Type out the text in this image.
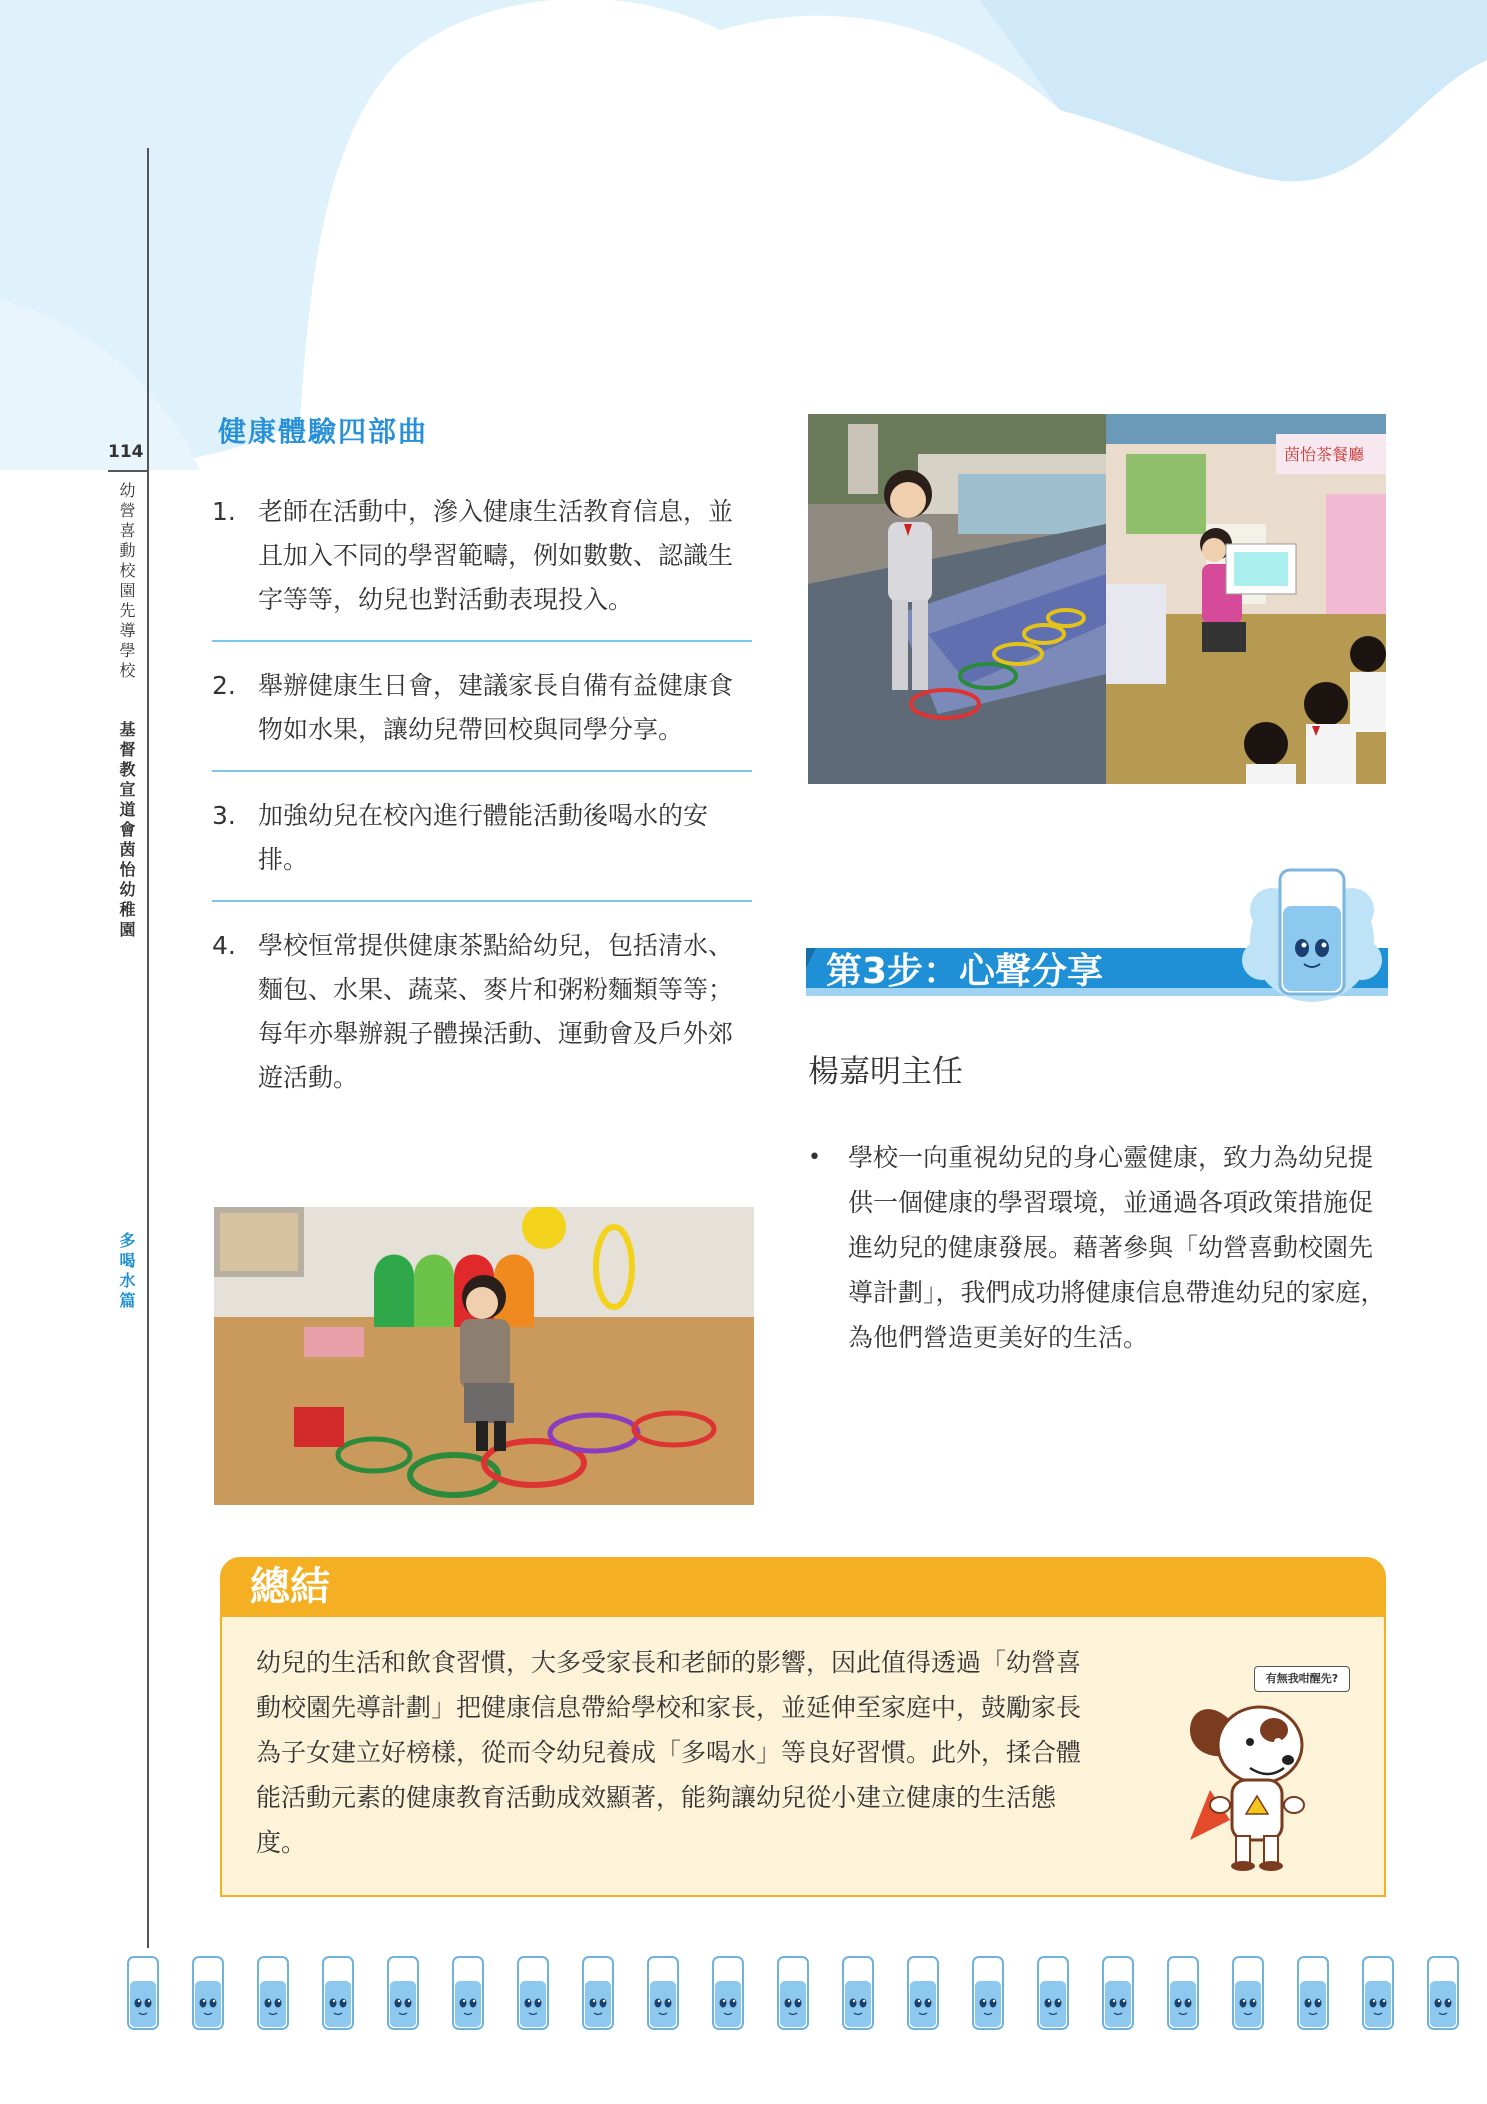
114
幼營喜動校園先導學校 基督教宣道會茵怡幼稚園
多喝水篇
健康體驗四部曲
1. 老師在活動中，滲入健康生活教育信息，並且加入不同的學習範疇，例如數數、認識生字等等，幼兒也對活動表現投入。
2. 舉辦健康生日會，建議家長自備有益健康食物如水果，讓幼兒帶回校與同學分享。
3. 加強幼兒在校內進行體能活動後喝水的安排。
4. 學校恒常提供健康茶點給幼兒，包括清水、麵包、水果、蔬菜、麥片和粥粉麵類等等；每年亦舉辦親子體操活動、運動會及戶外郊遊活動。
茵怡茶餐廳
第3步：心聲分享
楊嘉明主任
•	學校一向重視幼兒的身心靈健康，致力為幼兒提供一個健康的學習環境，並通過各項政策措施促進幼兒的健康發展。藉著參與「幼營喜動校園先導計劃」，我們成功將健康信息帶進幼兒的家庭，為他們營造更美好的生活。
總結
幼兒的生活和飲食習慣，大多受家長和老師的影響，因此值得透過「幼營喜動校園先導計劃」把健康信息帶給學校和家長，並延伸至家庭中，鼓勵家長為子女建立好榜樣，從而令幼兒養成「多喝水」等良好習慣。此外，揉合體能活動元素的健康教育活動成效顯著，能夠讓幼兒從小建立健康的生活態度。
有無我咁醒先?
